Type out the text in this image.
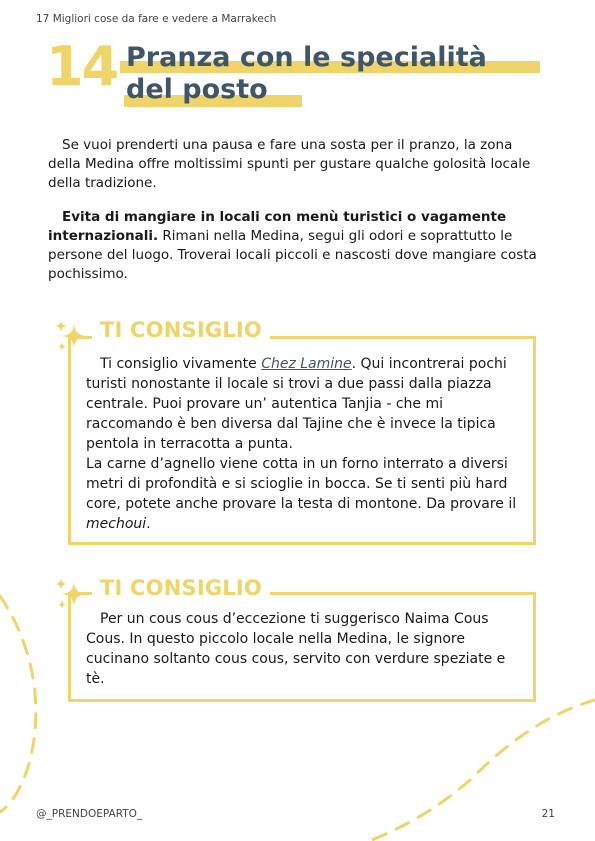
17 Migliori cose da fare e vedere a Marrakech
14 Pranza con le specialità
del posto
Se vuoi prenderti una pausa e fare una sosta per il pranzo, la zona della Medina offre moltissimi spunti per gustare qualche golosità locale della tradizione.
Evita di mangiare in locali con menù turistici o vagamente internazionali. Rimani nella Medina, segui gli odori e soprattutto le persone del luogo. Troverai locali piccoli e nascosti dove mangiare costa pochissimo.
TI CONSIGLIO
Ti consiglio vivamente Chez Lamine. Qui incontrerai pochi turisti nonostante il locale si trovi a due passi dalla piazza centrale. Puoi provare un’ autentica Tanjia - che mi raccomando è ben diversa dal Tajine che è invece la tipica pentola in terracotta a punta.
La carne d’agnello viene cotta in un forno interrato a diversi metri di profondità e si scioglie in bocca. Se ti senti più hard core, potete anche provare la testa di montone. Da provare il mechoui.
TI CONSIGLIO
Per un cous cous d’eccezione ti suggerisco Naima Cous Cous. In questo piccolo locale nella Medina, le signore cucinano soltanto cous cous, servito con verdure speziate e tè.
@_PRENDOEPARTO_	21
